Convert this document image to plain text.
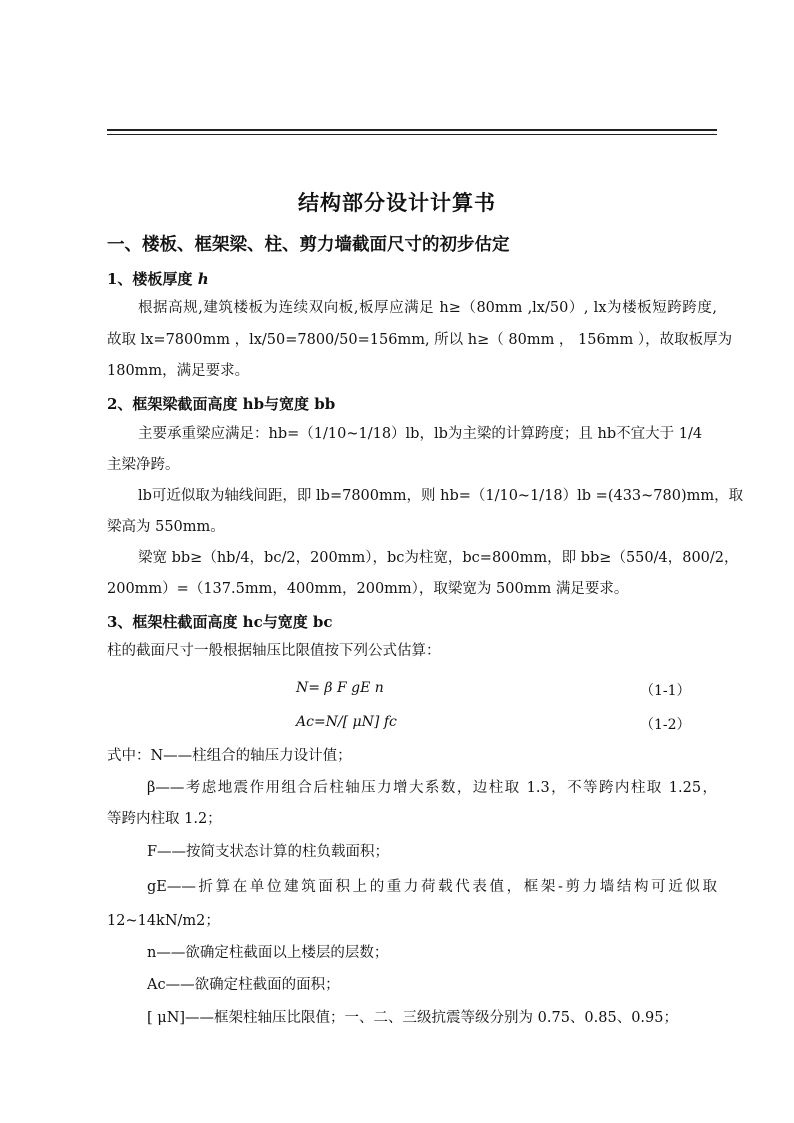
结构部分设计计算书
一、楼板、框架梁、柱、剪力墙截面尺寸的初步估定
1、楼板厚度 h
根据高规,建筑楼板为连续双向板,板厚应满足 h≥（80mm ,lx/50）, lx为楼板短跨跨度,
故取 lx=7800mm ，lx/50=7800/50=156mm, 所以 h≥（ 80mm ， 156mm ），故取板厚为
180mm，满足要求。
2、框架梁截面高度 hb与宽度 bb
主要承重梁应满足：hb=（1/10~1/18）lb，lb为主梁的计算跨度；且 hb不宜大于 1/4
主梁净跨。
lb可近似取为轴线间距，即 lb=7800mm，则 hb=（1/10~1/18）lb =(433~780)mm，取
梁高为 550mm。
梁宽 bb≥（hb/4，bc/2，200mm），bc为柱宽，bc=800mm，即 bb≥（550/4，800/2，
200mm）=（137.5mm，400mm，200mm），取梁宽为 500mm 满足要求。
3、框架柱截面高度 hc与宽度 bc
柱的截面尺寸一般根据轴压比限值按下列公式估算：
N= β F gE n	（1-1）
Ac=N/[ μN] fc	（1-2）
式中：N——柱组合的轴压力设计值；
β——考虑地震作用组合后柱轴压力增大系数，边柱取 1.3，不等跨内柱取 1.25，
等跨内柱取 1.2；
F——按简支状态计算的柱负载面积；
gE——折算在单位建筑面积上的重力荷载代表值，框架-剪力墙结构可近似取
12~14kN/m2；
n——欲确定柱截面以上楼层的层数；
Ac——欲确定柱截面的面积；
[ μN]——框架柱轴压比限值；一、二、三级抗震等级分别为 0.75、0.85、0.95；
